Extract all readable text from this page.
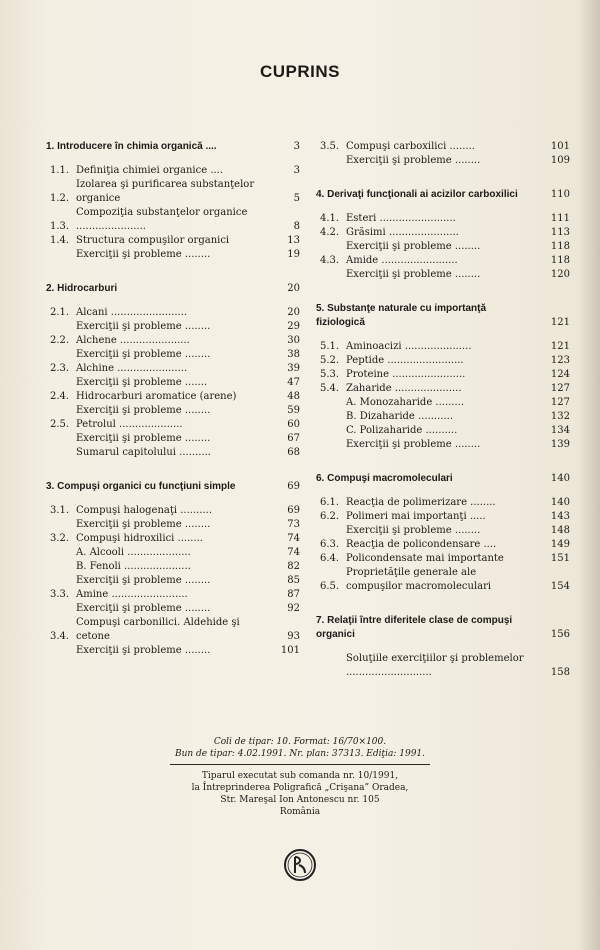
CUPRINS
1. Introducere în chimia organică ....	3
1.1. Definiţia chimiei organice ....	3
1.2.
Izolarea şi purificarea substanţelor organice	5
1.3.
Compoziţia substanţelor organice ......................	8
1.4. Structura compuşilor organici	13
Exerciţii şi probleme ........	19
2. Hidrocarburi	20
2.1. Alcani ........................	20
Exerciţii şi probleme ........	29
2.2. Alchene ......................	30
Exerciţii şi probleme ........	38
2.3. Alchine ......................	39
Exerciţii şi probleme .......	47
2.4. Hidrocarburi aromatice (arene)	48
Exerciţii şi probleme ........	59
2.5. Petrolul ....................	60
Exerciţii şi probleme ........	67
Sumarul capitolului ..........	68
3. Compuşi organici cu funcţiuni simple	69
3.1. Compuşi halogenaţi ..........	69
Exerciţii şi probleme ........	73
3.2. Compuşi hidroxilici ........	74
A. Alcooli ....................	74
B. Fenoli .....................	82
Exerciţii şi probleme ........	85
3.3. Amine ........................	87
Exerciţii şi probleme ........	92
3.4.
Compuşi carbonilici. Aldehide şi cetone	93
Exerciţii şi probleme ........	101
3.5. Compuşi carboxilici ........	101
Exerciţii şi probleme ........	109
4. Derivaţi funcţionali ai acizilor carboxilici	110
4.1. Esteri ........................	111
4.2. Grăsimi ......................	113
Exerciţii şi probleme ........	118
4.3. Amide ........................	118
Exerciţii şi probleme ........	120
5. Substanţe naturale cu importanţă fiziologică	121
5.1. Aminoacizi .....................	121
5.2. Peptide ........................	123
5.3. Proteine .......................	124
5.4. Zaharide .....................	127
A. Monozaharide .........	127
B. Dizaharide ...........	132
C. Polizaharide ..........	134
Exerciţii şi probleme ........	139
6. Compuşi macromoleculari	140
6.1. Reacţia de polimerizare ........	140
6.2. Polimeri mai importanţi .....	143
Exerciţii şi probleme ........	148
6.3. Reacţia de policondensare ....	149
6.4. Policondensate mai importante	151
6.5.
Proprietăţile generale ale compuşilor macromoleculari	154
7. Relaţii între diferitele clase de compuşi organici	156
Soluţiile exerciţiilor şi problemelor ...........................	158
Coli de tipar: 10. Format: 16/70×100.
Bun de tipar: 4.02.1991. Nr. plan: 37313. Ediţia: 1991.
Tiparul executat sub comanda nr. 10/1991,
la Întreprinderea Poligrafică „Crişana” Oradea,
Str. Mareşal Ion Antonescu nr. 105
România
